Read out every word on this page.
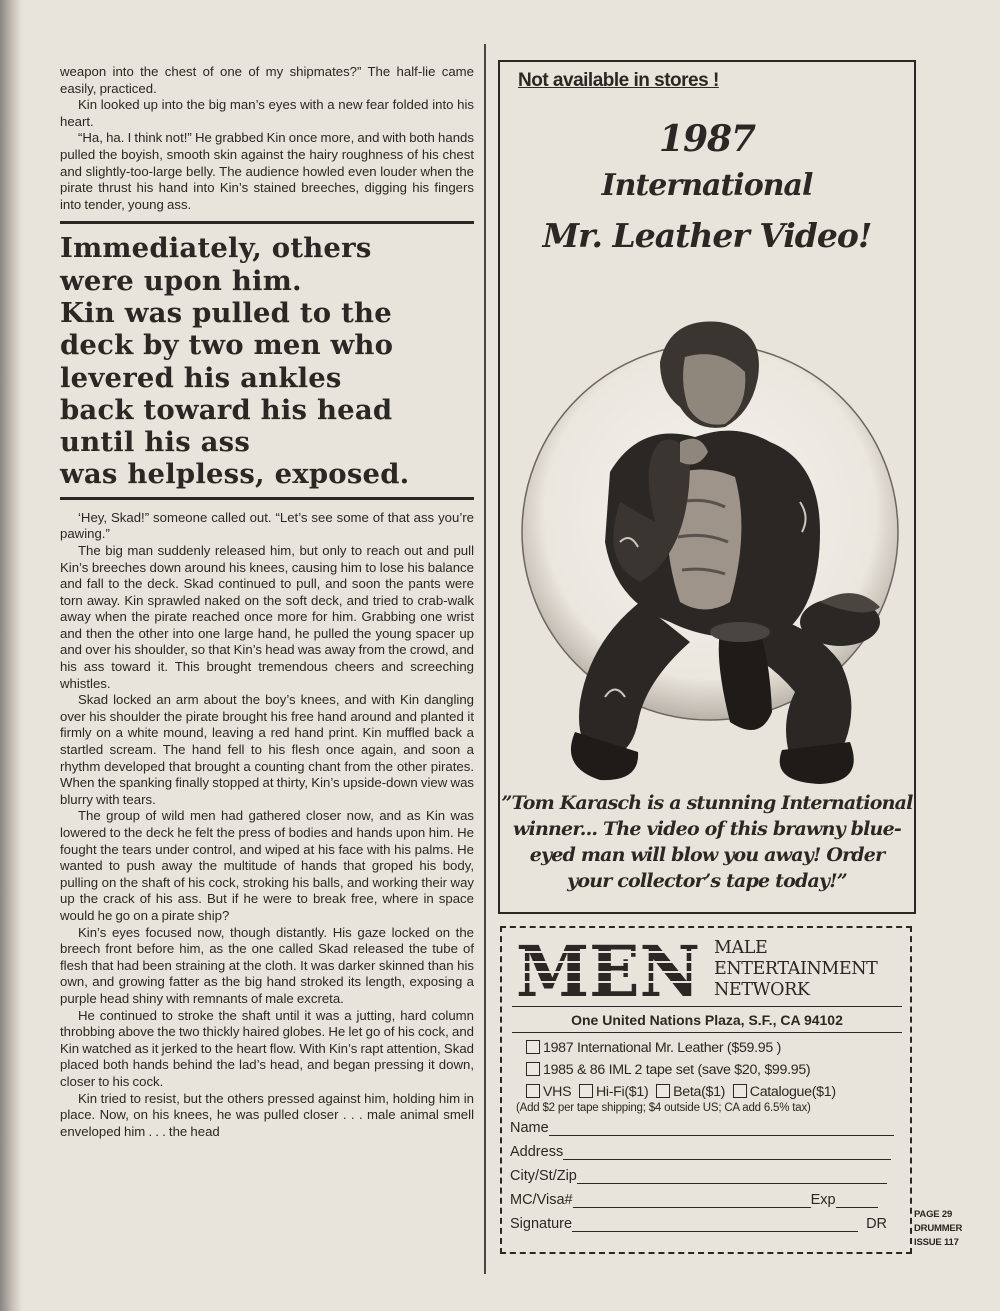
weapon into the chest of one of my shipmates?” The half-lie came easily, practiced.

Kin looked up into the big man’s eyes with a new fear folded into his heart.

“Ha, ha. I think not!” He grabbed Kin once more, and with both hands pulled the boyish, smooth skin against the hairy roughness of his chest and slightly-too-large belly. The audience howled even louder when the pirate thrust his hand into Kin’s stained breeches, digging his fingers into tender, young ass.

Immediately, others
were upon him.
Kin was pulled to the
deck by two men who
levered his ankles
back toward his head
until his ass
was helpless, exposed.

‘Hey, Skad!” someone called out. “Let’s see some of that ass you’re pawing.”

The big man suddenly released him, but only to reach out and pull Kin’s breeches down around his knees, causing him to lose his balance and fall to the deck. Skad continued to pull, and soon the pants were torn away. Kin sprawled naked on the soft deck, and tried to crab-walk away when the pirate reached once more for him. Grabbing one wrist and then the other into one large hand, he pulled the young spacer up and over his shoulder, so that Kin’s head was away from the crowd, and his ass toward it. This brought tremendous cheers and screeching whistles.

Skad locked an arm about the boy’s knees, and with Kin dangling over his shoulder the pirate brought his free hand around and planted it firmly on a white mound, leaving a red hand print. Kin muffled back a startled scream. The hand fell to his flesh once again, and soon a rhythm developed that brought a counting chant from the other pirates. When the spanking finally stopped at thirty, Kin’s upside-down view was blurry with tears.

The group of wild men had gathered closer now, and as Kin was lowered to the deck he felt the press of bodies and hands upon him. He fought the tears under control, and wiped at his face with his palms. He wanted to push away the multitude of hands that groped his body, pulling on the shaft of his cock, stroking his balls, and working their way up the crack of his ass. But if he were to break free, where in space would he go on a pirate ship?

Kin’s eyes focused now, though distantly. His gaze locked on the breech front before him, as the one called Skad released the tube of flesh that had been straining at the cloth. It was darker skinned than his own, and growing fatter as the big hand stroked its length, exposing a purple head shiny with remnants of male excreta.

He continued to stroke the shaft until it was a jutting, hard column throbbing above the two thickly haired globes. He let go of his cock, and Kin watched as it jerked to the heart flow. With Kin’s rapt attention, Skad placed both hands behind the lad’s head, and began pressing it down, closer to his cock.

Kin tried to resist, but the others pressed against him, holding him in place. Now, on his knees, he was pulled closer . . . male animal smell enveloped him . . . the head

Not available in stores !
1987
International
Mr. Leather Video!
”Tom Karasch is a stunning International
winner... The video of this brawny blue-
eyed man will blow you away! Order
your collector’s tape today!”
MEN MALE
ENTERTAINMENT
NETWORK
One United Nations Plaza, S.F., CA 94102
1987 International Mr. Leather ($59.95 )
1985 & 86 IML 2 tape set (save $20, $99.95)
VHS Hi-Fi($1) Beta($1) Catalogue($1)
(Add $2 per tape shipping; $4 outside US; CA add 6.5% tax)
Name
Address
City/St/Zip
MC/Visa#	Exp
Signature	DR
PAGE 29
DRUMMER
ISSUE 117
